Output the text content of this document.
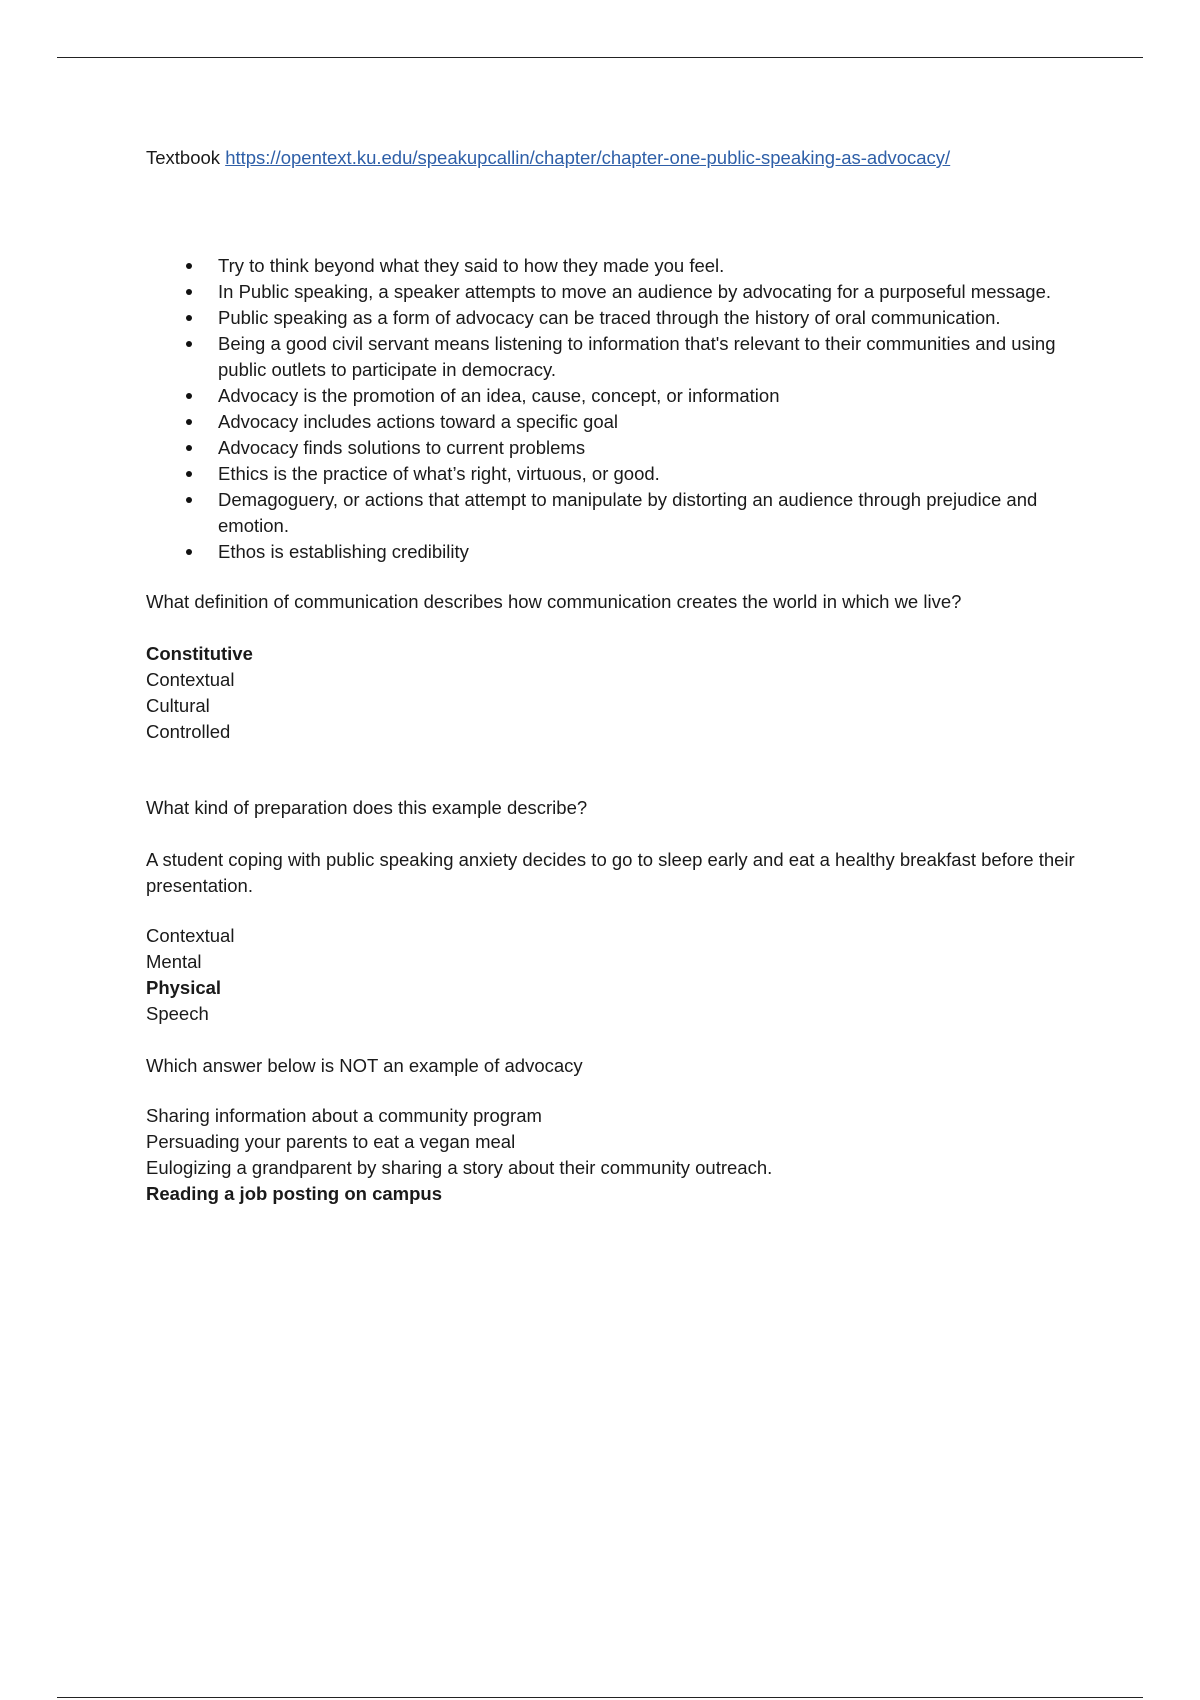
Textbook https://opentext.ku.edu/speakupcallin/chapter/chapter-one-public-speaking-as-advocacy/

Try to think beyond what they said to how they made you feel.
In Public speaking, a speaker attempts to move an audience by advocating for a purposeful message.
Public speaking as a form of advocacy can be traced through the history of oral communication.
Being a good civil servant means listening to information that's relevant to their communities and using public outlets to participate in democracy.
Advocacy is the promotion of an idea, cause, concept, or information
Advocacy includes actions toward a specific goal
Advocacy finds solutions to current problems
Ethics is the practice of what’s right, virtuous, or good.
Demagoguery, or actions that attempt to manipulate by distorting an audience through prejudice and emotion.
Ethos is establishing credibility

What definition of communication describes how communication creates the world in which we live?

Constitutive
Contextual
Cultural
Controlled

What kind of preparation does this example describe?

A student coping with public speaking anxiety decides to go to sleep early and eat a healthy breakfast before their presentation.

Contextual
Mental
Physical
Speech

Which answer below is NOT an example of advocacy

Sharing information about a community program
Persuading your parents to eat a vegan meal
Eulogizing a grandparent by sharing a story about their community outreach.
Reading a job posting on campus
